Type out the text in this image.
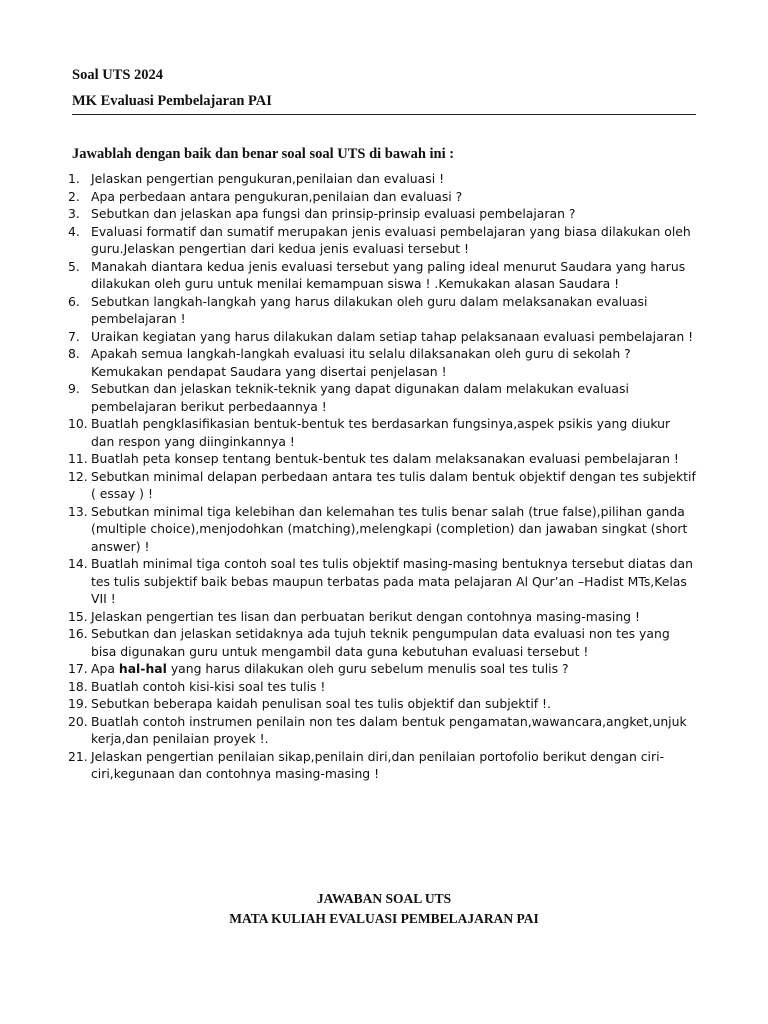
Soal UTS 2024
MK Evaluasi Pembelajaran PAI
Jawablah dengan baik dan benar soal soal UTS di bawah ini :
1. Jelaskan pengertian pengukuran,penilaian dan evaluasi !
2. Apa perbedaan antara pengukuran,penilaian dan evaluasi ?
3. Sebutkan dan jelaskan apa fungsi dan prinsip-prinsip evaluasi pembelajaran ?
4. Evaluasi formatif dan sumatif merupakan jenis evaluasi pembelajaran yang biasa dilakukan oleh guru.Jelaskan pengertian dari kedua jenis evaluasi tersebut !
5. Manakah diantara kedua jenis evaluasi tersebut yang paling ideal menurut Saudara yang harus dilakukan oleh guru untuk menilai kemampuan siswa ! .Kemukakan alasan Saudara !
6. Sebutkan langkah-langkah yang harus dilakukan oleh guru dalam melaksanakan evaluasi pembelajaran !
7. Uraikan kegiatan yang harus dilakukan dalam setiap tahap pelaksanaan evaluasi pembelajaran !
8. Apakah semua langkah-langkah evaluasi itu selalu dilaksanakan oleh guru di sekolah ? Kemukakan pendapat Saudara yang disertai penjelasan !
9. Sebutkan dan jelaskan teknik-teknik yang dapat digunakan dalam melakukan evaluasi pembelajaran berikut perbedaannya !
10. Buatlah pengklasifikasian bentuk-bentuk tes berdasarkan fungsinya,aspek psikis yang diukur dan respon yang diinginkannya !
11. Buatlah peta konsep tentang bentuk-bentuk tes dalam melaksanakan evaluasi pembelajaran !
12. Sebutkan minimal delapan perbedaan antara tes tulis dalam bentuk objektif dengan tes subjektif ( essay ) !
13. Sebutkan minimal tiga kelebihan dan kelemahan tes tulis benar salah (true false),pilihan ganda (multiple choice),menjodohkan (matching),melengkapi (completion) dan jawaban singkat (short answer) !
14. Buatlah minimal tiga contoh soal tes tulis objektif masing-masing bentuknya tersebut diatas dan tes tulis subjektif baik bebas maupun terbatas pada mata pelajaran Al Qur’an –Hadist MTs,Kelas VII !
15. Jelaskan pengertian tes lisan dan perbuatan berikut dengan contohnya masing-masing !
16. Sebutkan dan jelaskan setidaknya ada tujuh teknik pengumpulan data evaluasi non tes yang bisa digunakan guru untuk mengambil data guna kebutuhan evaluasi tersebut !
17. Apa hal-hal yang harus dilakukan oleh guru sebelum menulis soal tes tulis ?
18. Buatlah contoh kisi-kisi soal tes tulis !
19. Sebutkan beberapa kaidah penulisan soal tes tulis objektif dan subjektif !.
20. Buatlah contoh instrumen penilain non tes dalam bentuk pengamatan,wawancara,angket,unjuk kerja,dan penilaian proyek !.
21. Jelaskan pengertian penilaian sikap,penilain diri,dan penilaian portofolio berikut dengan ciri-ciri,kegunaan dan contohnya masing-masing !
JAWABAN SOAL UTS
MATA KULIAH EVALUASI PEMBELAJARAN PAI
